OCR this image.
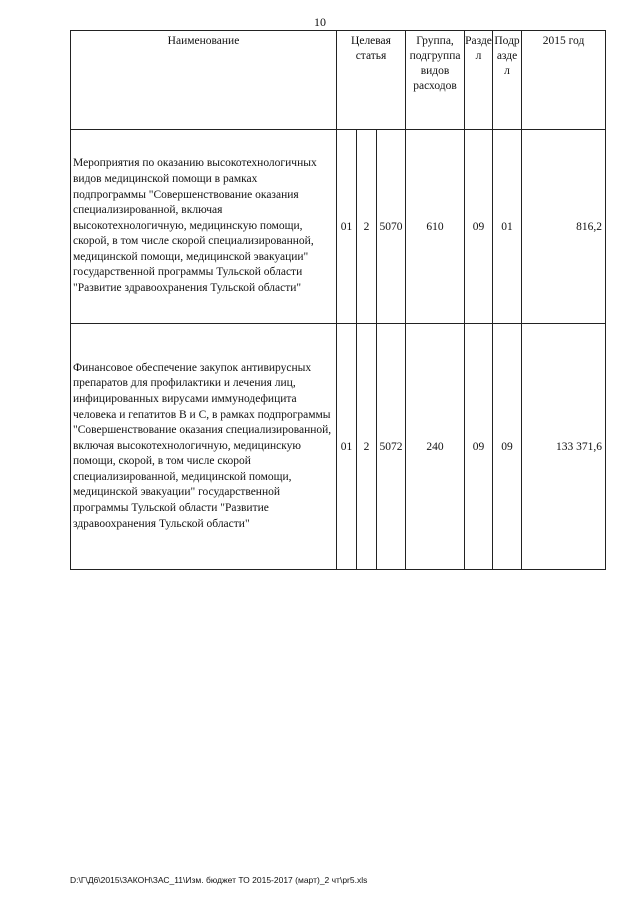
10
Наименование	Целевая статья			Группа, подгруппа видов расходов	Раздел	Подраздел	2015 год
Мероприятия по оказанию высокотехнологичных видов медицинской помощи в рамках подпрограммы "Совершенствование оказания специализированной, включая высокотехнологичную, медицинскую помощи, скорой, в том числе скорой специализированной, медицинской помощи, медицинской эвакуации" государственной программы Тульской области "Развитие здравоохранения Тульской области"	01	2	5070	610	09	01	816,2
Финансовое обеспечение закупок антивирусных препаратов для профилактики и лечения лиц, инфицированных вирусами иммунодефицита человека и гепатитов В и С, в рамках подпрограммы "Совершенствование оказания специализированной, включая высокотехнологичную, медицинскую помощи, скорой, в том числе скорой специализированной, медицинской помощи, медицинской эвакуации" государственной программы Тульской области "Развитие здравоохранения Тульской области"	01	2	5072	240	09	09	133 371,6
D:\Г\Д6\2015\ЗАКОН\ЗАС_11\Изм. бюджет ТО 2015-2017 (март)_2 чт\pr5.xls
